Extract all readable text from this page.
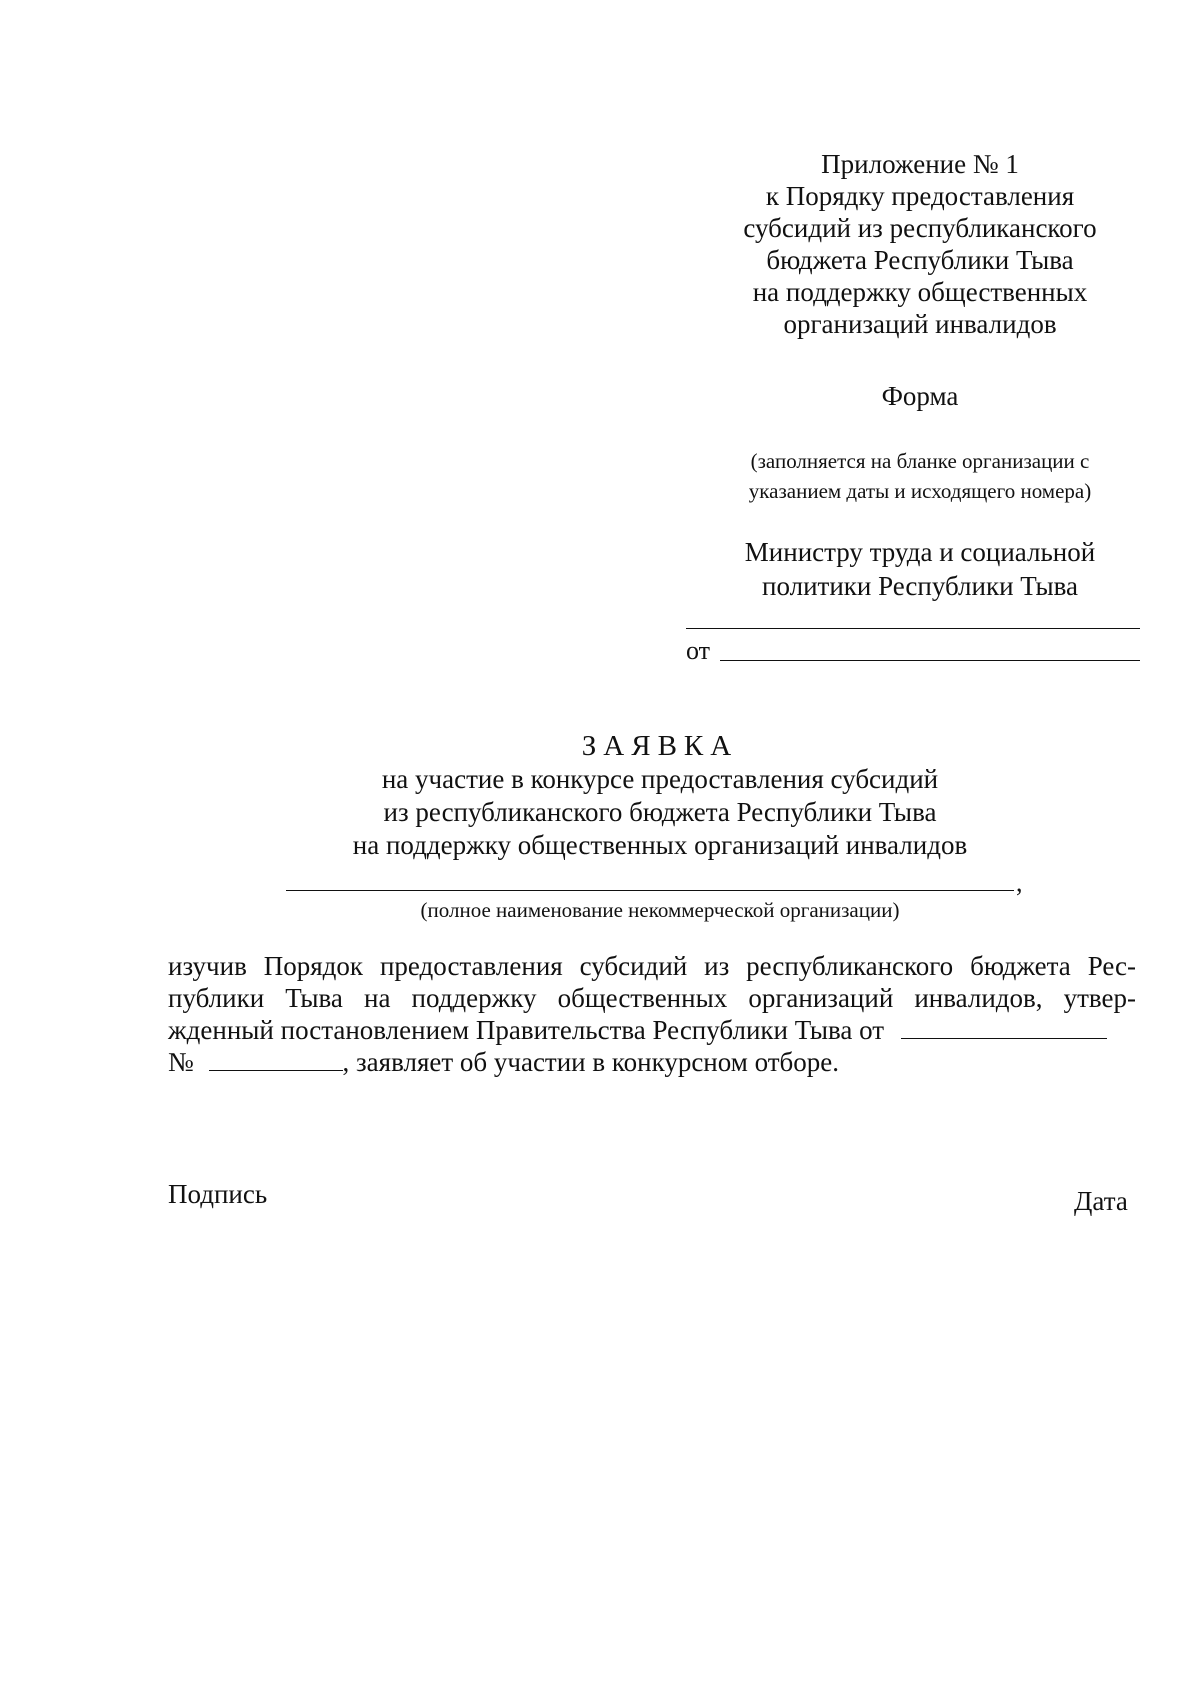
Приложение № 1
к Порядку предоставления
субсидий из республиканского
бюджета Республики Тыва
на поддержку общественных
организаций инвалидов
Форма
(заполняется на бланке организации с
указанием даты и исходящего номера)
Министру труда и социальной
политики Республики Тыва
от
ЗАЯВКА
на участие в конкурсе предоставления субсидий
из республиканского бюджета Республики Тыва
на поддержку общественных организаций инвалидов
,
(полное наименование некоммерческой организации)
изучив Порядок предоставления субсидий из республиканского бюджета Рес-
публики Тыва на поддержку общественных организаций инвалидов, утвер-
жденный постановлением Правительства Республики Тыва от
№	, заявляет об участии в конкурсном отборе.
Подпись	Дата
